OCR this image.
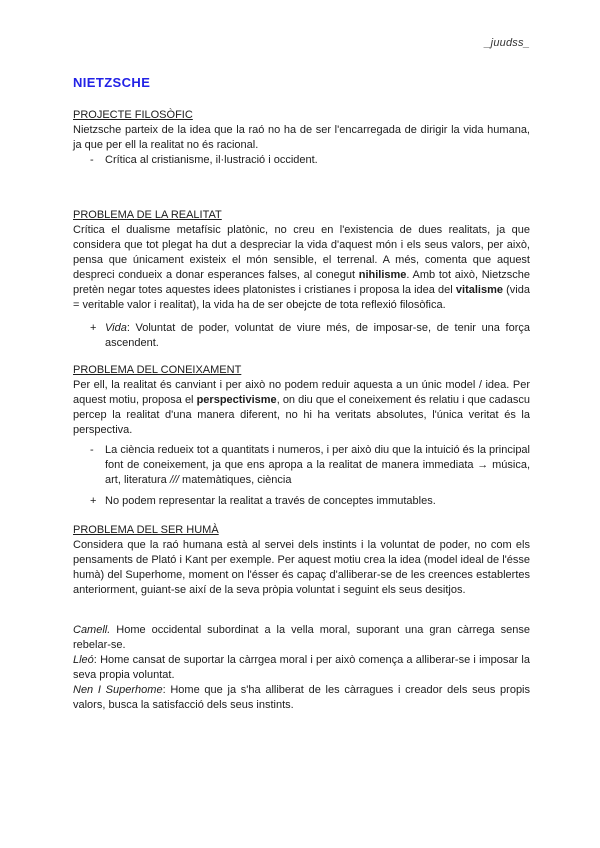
_juudss_
NIETZSCHE
PROJECTE FILOSÒFIC

Nietzsche parteix de la idea que la raó no ha de ser l'encarregada de dirigir la vida humana, ja que per ell la realitat no és racional.

- Crítica al cristianisme, il·lustració i occident.
PROBLEMA DE LA REALITAT

Crítica el dualisme metafísic platònic, no creu en l'existencia de dues realitats, ja que considera que tot plegat ha dut a despreciar la vida d'aquest món i els seus valors, per això, pensa que únicament existeix el món sensible, el terrenal. A més, comenta que aquest despreci condueix a donar esperances falses, al conegut nihilisme. Amb tot això, Nietzsche pretèn negar totes aquestes idees platonistes i cristianes i proposa la idea del vitalisme (vida = veritable valor i realitat), la vida ha de ser obejcte de tota reflexió filosòfica.

+ Vida: Voluntat de poder, voluntat de viure més, de imposar-se, de tenir una força ascendent.
PROBLEMA DEL CONEIXAMENT

Per ell, la realitat és canviant i per això no podem reduir aquesta a un únic model / idea. Per aquest motiu, proposa el perspectivisme, on diu que el coneixement és relatiu i que cadascu percep la realitat d'una manera diferent, no hi ha veritats absolutes, l'única veritat és la perspectiva.

- La ciència redueix tot a quantitats i numeros, i per això diu que la intuició és la principal font de coneixement, ja que ens apropa a la realitat de manera immediata → música, art, literatura /// matemàtiques, ciència
+ No podem representar la realitat a través de conceptes immutables.
PROBLEMA DEL SER HUMÀ

Considera que la raó humana està al servei dels instints i la voluntat de poder, no com els pensaments de Plató i Kant per exemple. Per aquest motiu crea la idea (model ideal de l'ésse humà) del Superhome, moment on l'ésser és capaç d'alliberar-se de les creences establertes anteriorment, guiant-se així de la seva pròpia voluntat i seguint els seus desitjos.

Camell. Home occidental subordinat a la vella moral, suporant una gran càrrega sense rebelar-se.

Lleó: Home cansat de suportar la càrrgea moral i per això comença a alliberar-se i imposar la seva propia voluntat.

Nen I Superhome: Home que ja s'ha alliberat de les càrragues i creador dels seus propis valors, busca la satisfacció dels seus instints.
